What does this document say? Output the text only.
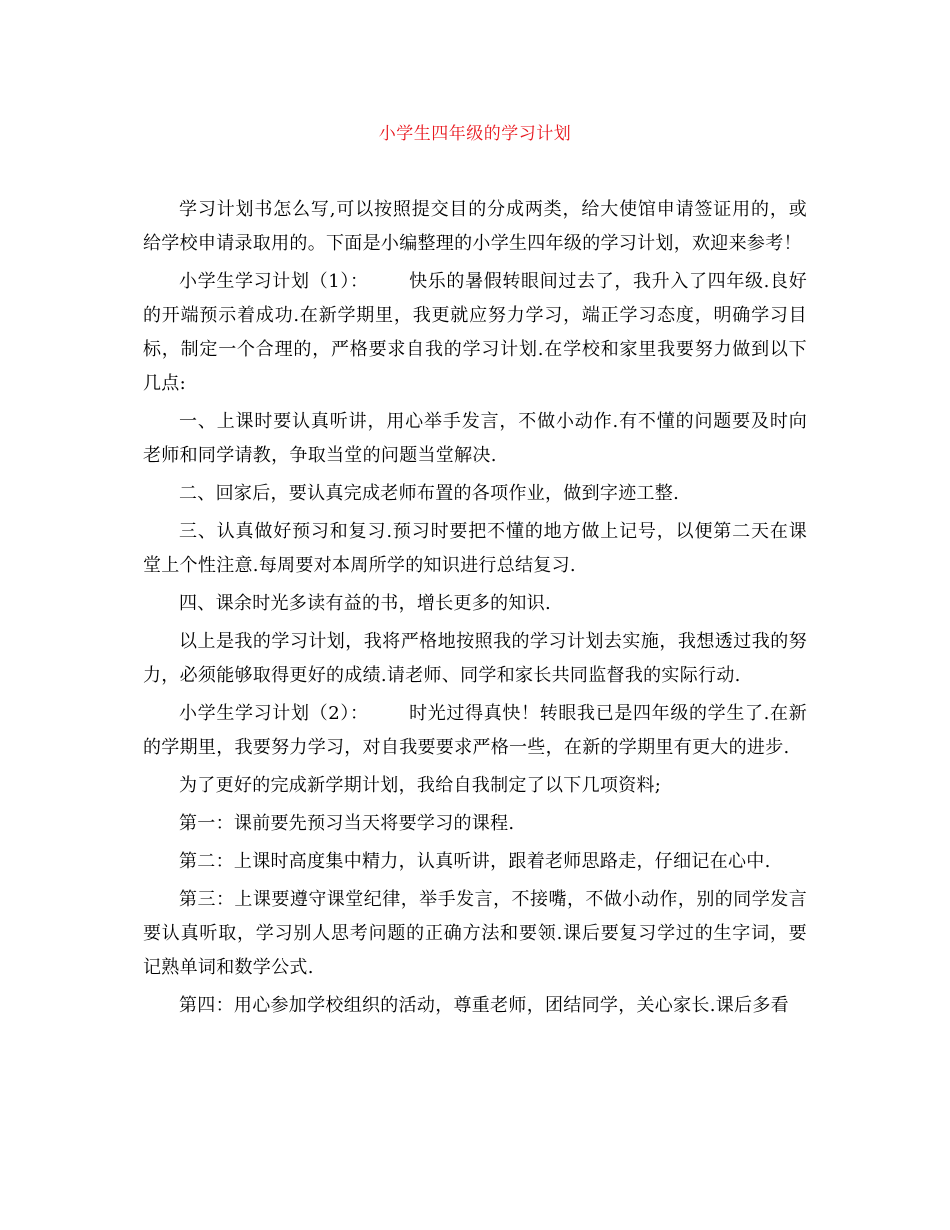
小学生四年级的学习计划

学习计划书怎么写,可以按照提交目的分成两类，给大使馆申请签证用的，或给学校申请录取用的。下面是小编整理的小学生四年级的学习计划，欢迎来参考！

小学生学习计划（1）： 快乐的暑假转眼间过去了，我升入了四年级.良好的开端预示着成功.在新学期里，我更就应努力学习，端正学习态度，明确学习目标，制定一个合理的，严格要求自我的学习计划.在学校和家里我要努力做到以下几点:

一、上课时要认真听讲，用心举手发言，不做小动作.有不懂的问题要及时向老师和同学请教，争取当堂的问题当堂解决.

二、回家后，要认真完成老师布置的各项作业，做到字迹工整.

三、认真做好预习和复习.预习时要把不懂的地方做上记号，以便第二天在课堂上个性注意.每周要对本周所学的知识进行总结复习.

四、课余时光多读有益的书，增长更多的知识.

以上是我的学习计划，我将严格地按照我的学习计划去实施，我想透过我的努力，必须能够取得更好的成绩.请老师、同学和家长共同监督我的实际行动.

小学生学习计划（2）： 时光过得真快！转眼我已是四年级的学生了.在新的学期里，我要努力学习，对自我要要求严格一些，在新的学期里有更大的进步.

为了更好的完成新学期计划，我给自我制定了以下几项资料;

第一：课前要先预习当天将要学习的课程.

第二：上课时高度集中精力，认真听讲，跟着老师思路走，仔细记在心中.

第三：上课要遵守课堂纪律，举手发言，不接嘴，不做小动作，别的同学发言要认真听取，学习别人思考问题的正确方法和要领.课后要复习学过的生字词，要记熟单词和数学公式.

第四：用心参加学校组织的活动，尊重老师，团结同学，关心家长.课后多看
